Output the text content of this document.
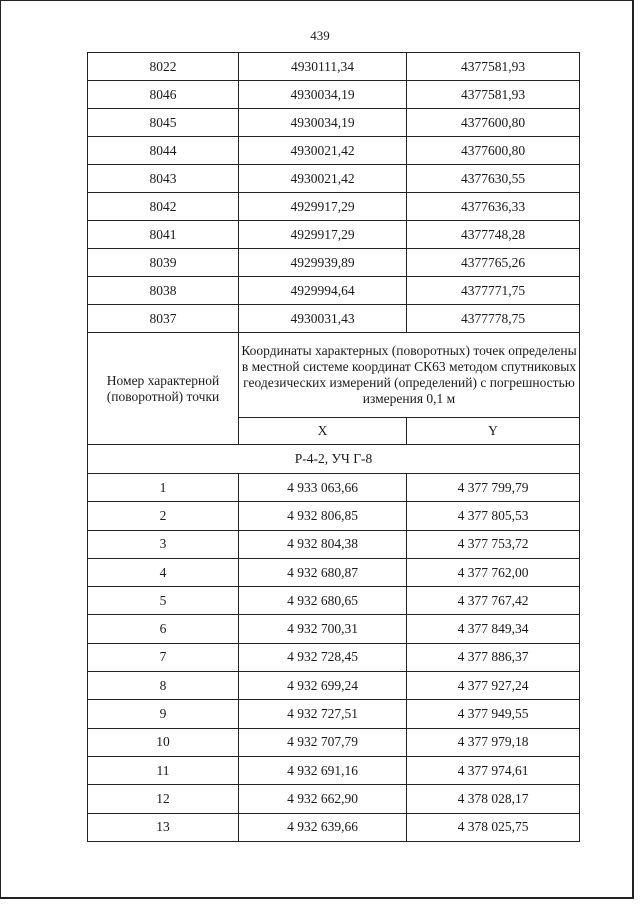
439
8022	4930111,34	4377581,93
8046	4930034,19	4377581,93
8045	4930034,19	4377600,80
8044	4930021,42	4377600,80
8043	4930021,42	4377630,55
8042	4929917,29	4377636,33
8041	4929917,29	4377748,28
8039	4929939,89	4377765,26
8038	4929994,64	4377771,75
8037	4930031,43	4377778,75
Номер характерной (поворотной) точки	Координаты характерных (поворотных) точек определены в местной системе координат СК63 методом спутниковых геодезических измерений (определений) с погрешностью измерения 0,1 м	
	X	Y
Р-4-2, УЧ Г-8		
1	4 933 063,66	4 377 799,79
2	4 932 806,85	4 377 805,53
3	4 932 804,38	4 377 753,72
4	4 932 680,87	4 377 762,00
5	4 932 680,65	4 377 767,42
6	4 932 700,31	4 377 849,34
7	4 932 728,45	4 377 886,37
8	4 932 699,24	4 377 927,24
9	4 932 727,51	4 377 949,55
10	4 932 707,79	4 377 979,18
11	4 932 691,16	4 377 974,61
12	4 932 662,90	4 378 028,17
13	4 932 639,66	4 378 025,75
